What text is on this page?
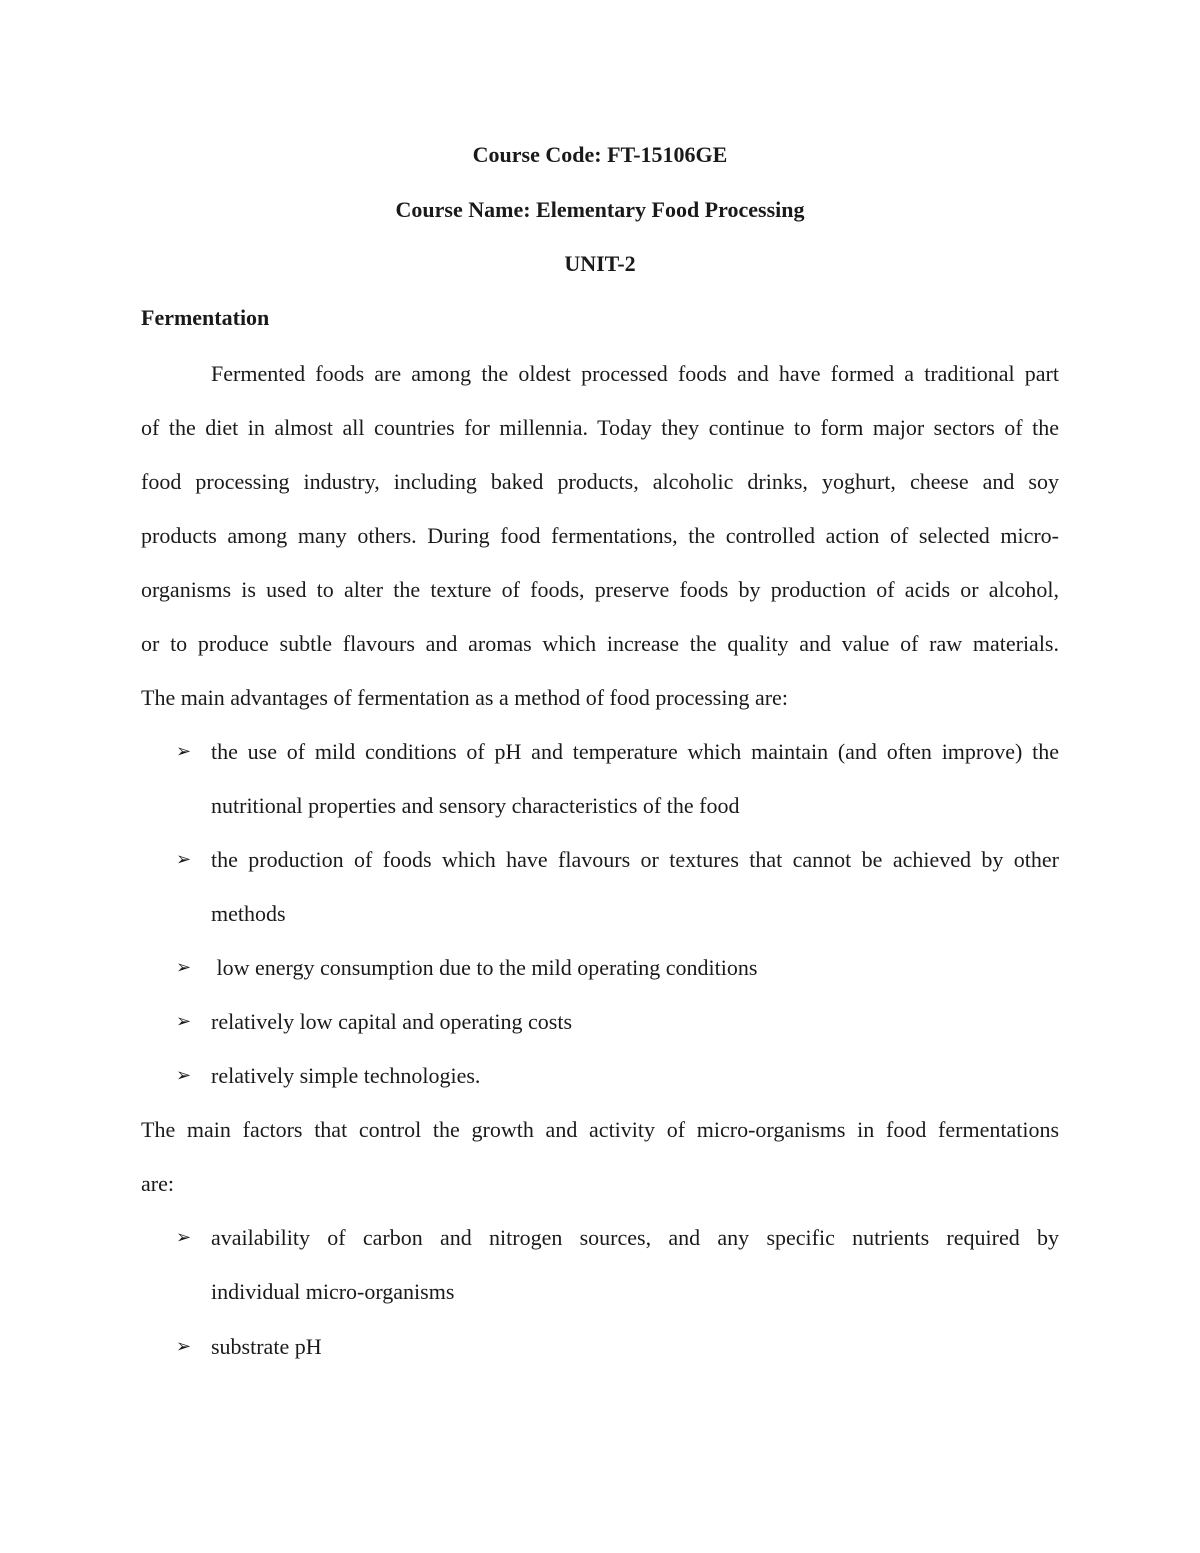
Course Code: FT-15106GE
Course Name: Elementary Food Processing
UNIT-2
Fermentation
Fermented foods are among the oldest processed foods and have formed a traditional part
of the diet in almost all countries for millennia. Today they continue to form major sectors of the
food processing industry, including baked products, alcoholic drinks, yoghurt, cheese and soy
products among many others. During food fermentations, the controlled action of selected micro-
organisms is used to alter the texture of foods, preserve foods by production of acids or alcohol,
or to produce subtle flavours and aromas which increase the quality and value of raw materials.
The main advantages of fermentation as a method of food processing are:
➢ the use of mild conditions of pH and temperature which maintain (and often improve) the
nutritional properties and sensory characteristics of the food
➢ the production of foods which have flavours or textures that cannot be achieved by other
methods
➢ low energy consumption due to the mild operating conditions
➢ relatively low capital and operating costs
➢ relatively simple technologies.
The main factors that control the growth and activity of micro-organisms in food fermentations
are:
➢ availability of carbon and nitrogen sources, and any specific nutrients required by
individual micro-organisms
➢ substrate pH
